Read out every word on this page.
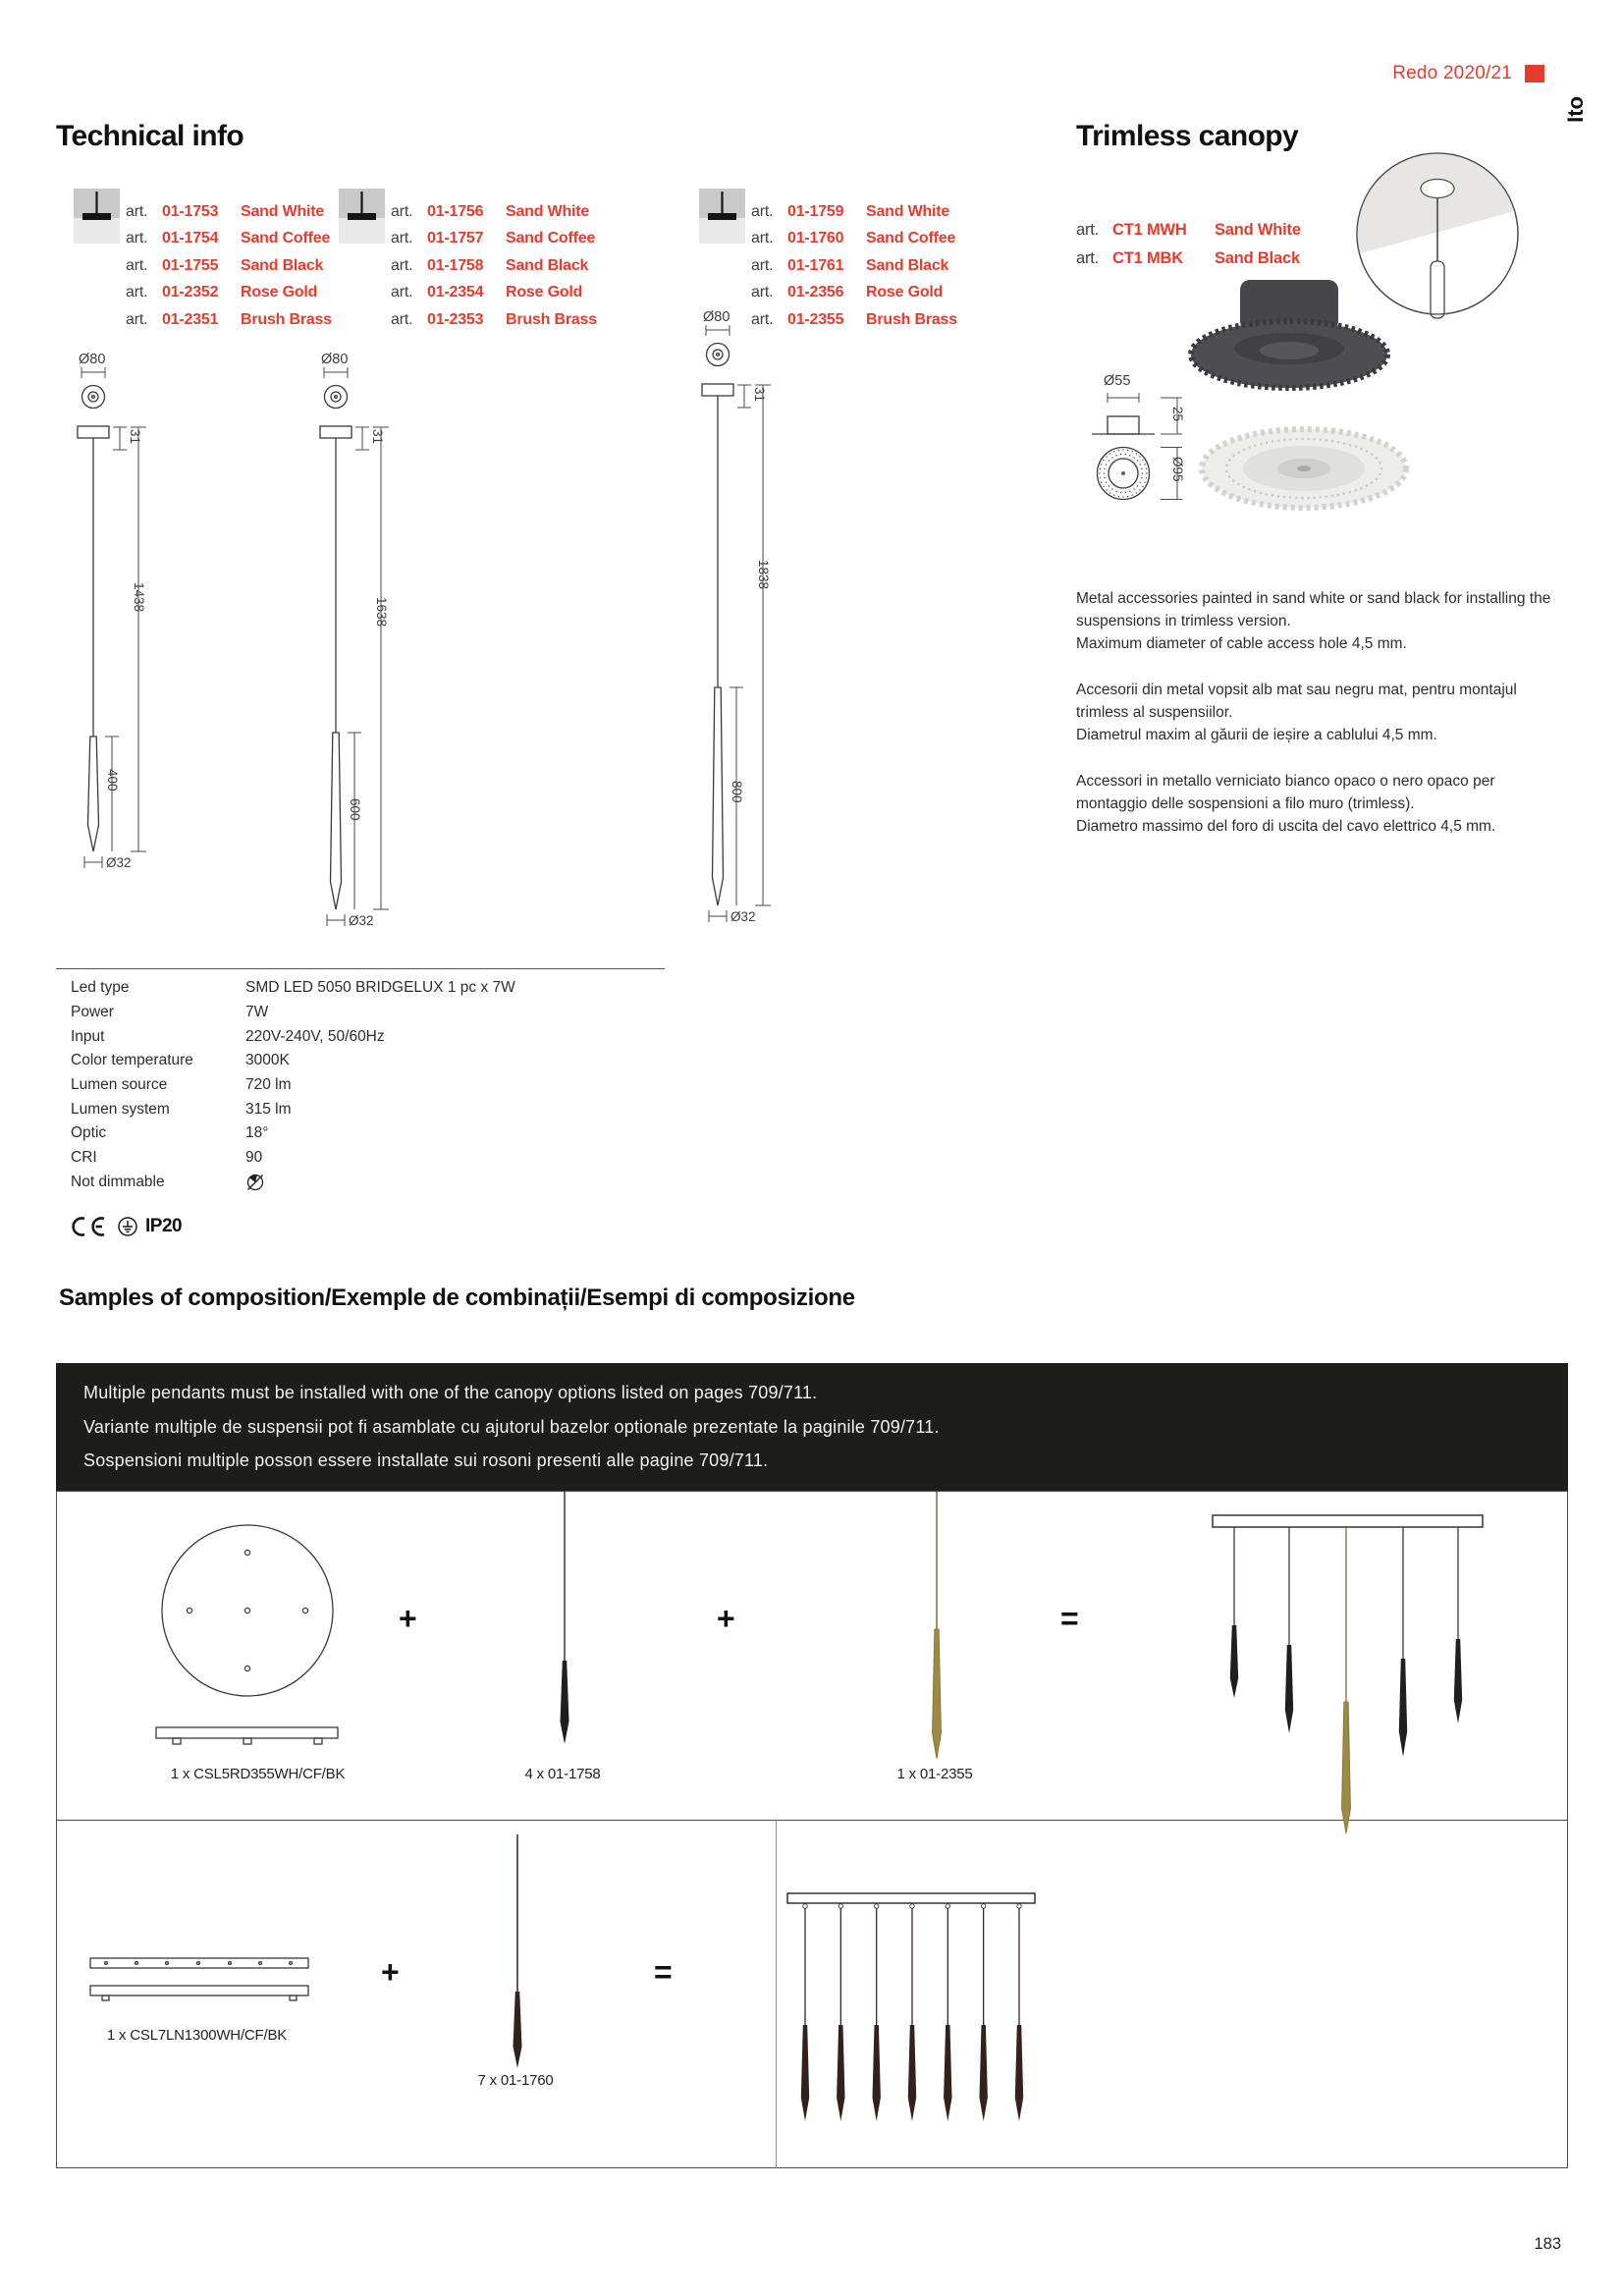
Redo 2020/21
Ito
Technical info	Trimless canopy
art. 01-1753	Sand White
art. 01-1754	Sand Coffee
art. 01-1755	Sand Black
art. 01-2352	Rose Gold
art. 01-2351	Brush Brass
art. 01-1756	Sand White
art. 01-1757	Sand Coffee
art. 01-1758	Sand Black
art. 01-2354	Rose Gold
art. 01-2353	Brush Brass
art. 01-1759	Sand White
art. 01-1760	Sand Coffee
art. 01-1761	Sand Black
art. 01-2356	Rose Gold
art. 01-2355	Brush Brass
Ø80
31
1438
400
Ø32
Ø80
31
1638
600
Ø32
Ø80
31
1838
800
Ø32
art. CT1 MWH	Sand White
art. CT1 MBK	Sand Black
Ø55
25
Ø95

Metal accessories painted in sand white or sand black for installing the suspensions in trimless version.
Maximum diameter of cable access hole 4,5 mm.

Accesorii din metal vopsit alb mat sau negru mat, pentru montajul trimless al suspensiilor.
Diametrul maxim al găurii de ieșire a cablului 4,5 mm.

Accessori in metallo verniciato bianco opaco o nero opaco per montaggio delle sospensioni a filo muro (trimless).
Diametro massimo del foro di uscita del cavo elettrico 4,5 mm.

Led type	SMD LED 5050 BRIDGELUX 1 pc x 7W
Power	7W
Input	220V-240V, 50/60Hz
Color temperature	3000K
Lumen source	720 lm
Lumen system	315 lm
Optic	18°
CRI	90
Not dimmable
IP20
Samples of composition/Exemple de combinații/Esempi di composizione
Multiple pendants must be installed with one of the canopy options listed on pages 709/711.
Variante multiple de suspensii pot fi asamblate cu ajutorul bazelor optionale prezentate la paginile 709/711.
Sospensioni multiple posson essere installate sui rosoni presenti alle pagine 709/711.
1 x CSL5RD355WH/CF/BK
+
4 x 01-1758
+
1 x 01-2355
=
1 x CSL7LN1300WH/CF/BK
+
7 x 01-1760
=
183
